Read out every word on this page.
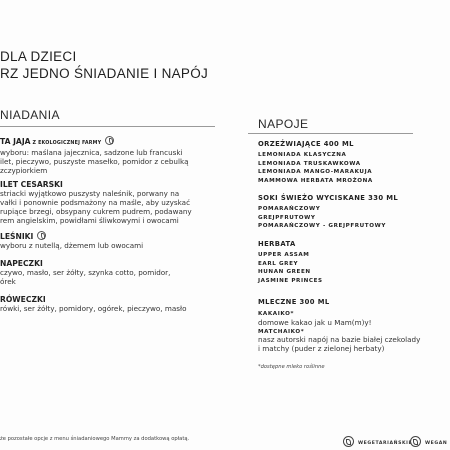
DLA DZIECI
RZ JEDNO ŚNIADANIE I NAPÓJ
NIADANIA
TA JAJA Z EKOLOGICZNEJ FARMY
wyboru: maślana jajecznica, sadzone lub francuski
ilet, pieczywo, puszyste masełko, pomidor z cebulką
zczypiorkiem
ILET CESARSKI
striacki wyjątkowo puszysty naleśnik, porwany na
vałki i ponownie podsmażony na maśle, aby uzyskać
rupiące brzegi, obsypany cukrem pudrem, podawany
rem angielskim, powidłami śliwkowymi i owocami
LEŚNIKI
wyboru z nutellą, dżemem lub owocami
NAPECZKI
czywo, masło, ser żółty, szynka cotto, pomidor,
órek
RÓWECZKI
rówki, ser żółty, pomidory, ogórek, pieczywo, masło
NAPOJE
ORZEŹWIAJĄCE 400 ML
LEMONIADA KLASYCZNA
LEMONIADA TRUSKAWKOWA
LEMONIADA MANGO-MARAKUJA
MAMMOWA HERBATA MROŻONA
SOKI ŚWIEŻO WYCISKANE 330 ML
POMARAŃCZOWY
GREJPFRUTOWY
POMARAŃCZOWY - GREJPFRUTOWY
HERBATA
UPPER ASSAM
EARL GREY
HUNAN GREEN
JASMINE PRINCES
MLECZNE 300 ML
KAKAIKO*
domowe kakao jak u Mam(m)y!
MATCHAIKO*
nasz autorski napój na bazie białej czekolady
i matchy (puder z zielonej herbaty)
*dostępne mleko roślinne
że pozostałe opcje z menu śniadaniowego Mammy za dodatkową opłatą.
WEGETARIAŃSKIE	WEGAN
